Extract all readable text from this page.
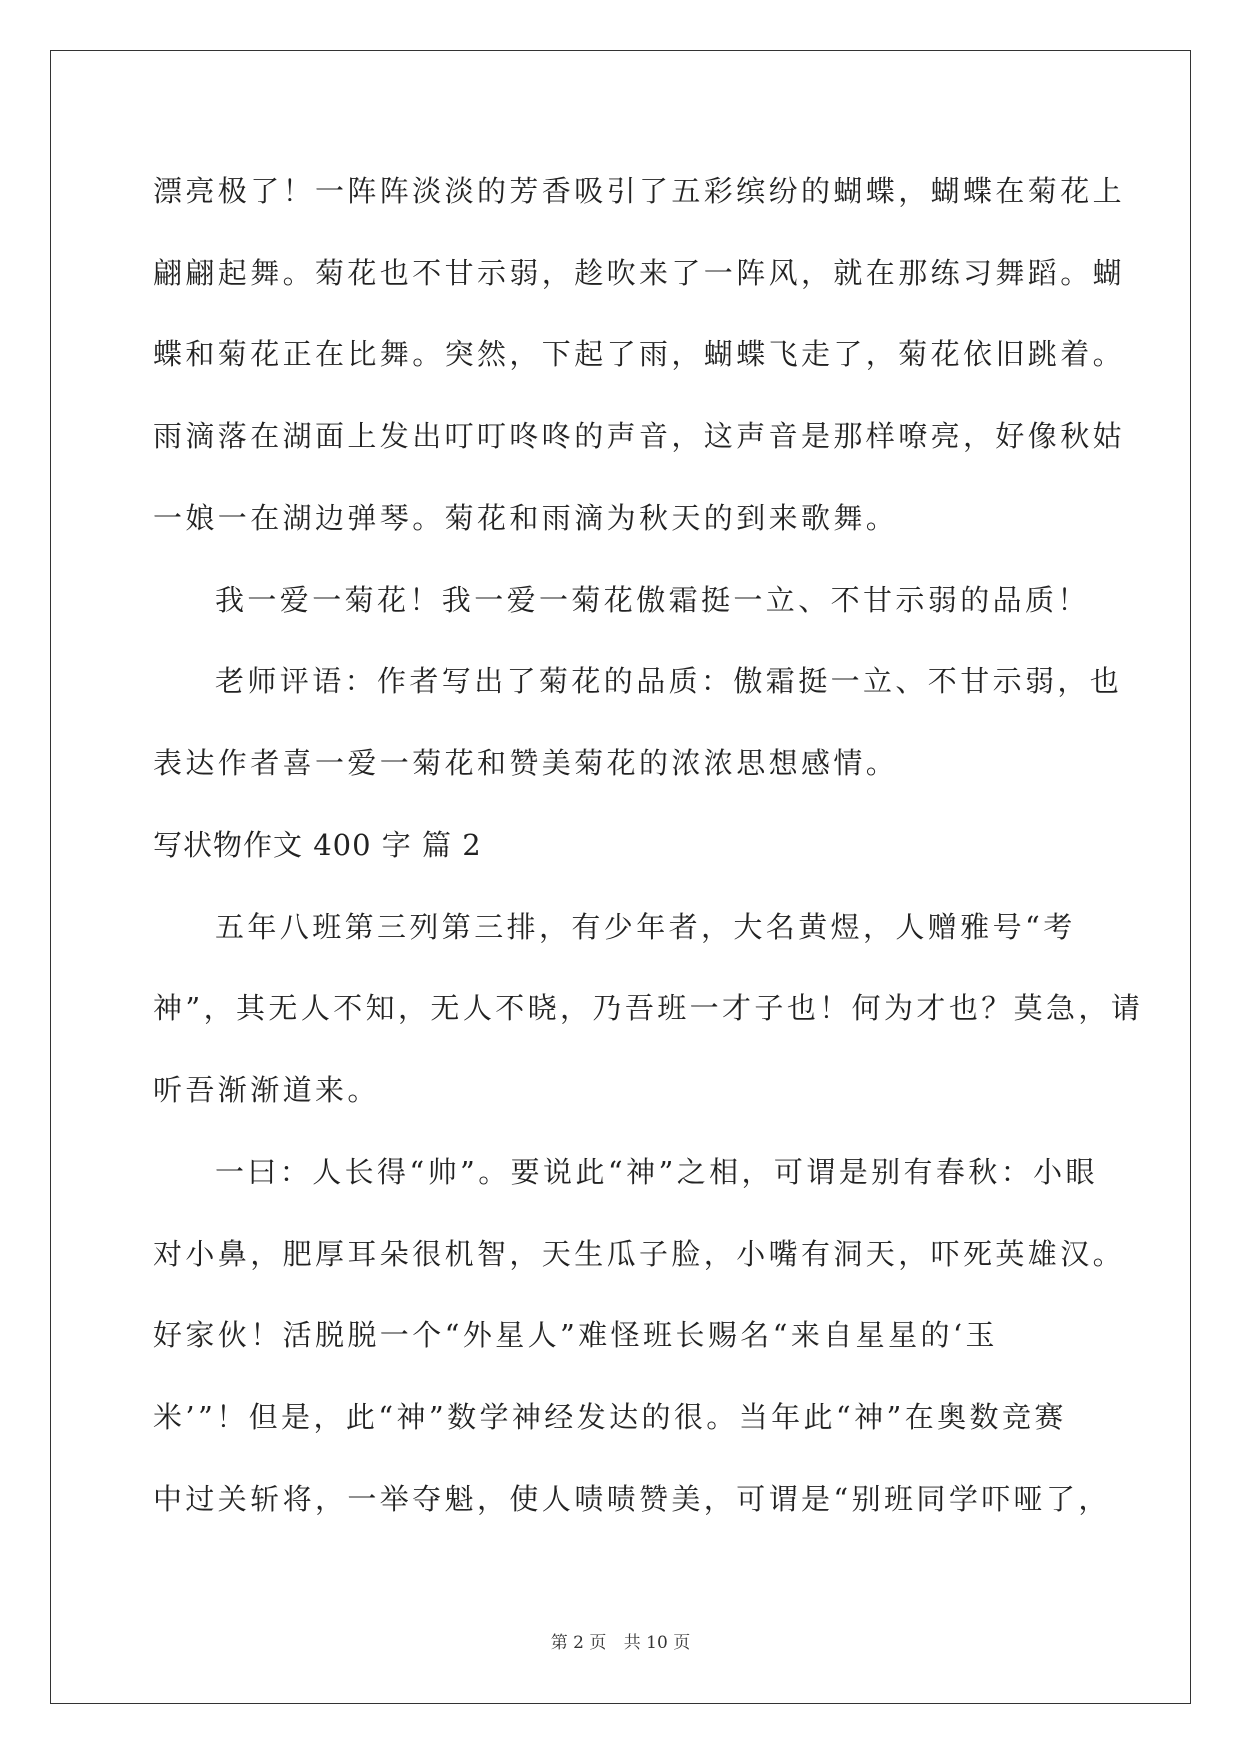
漂亮极了！一阵阵淡淡的芳香吸引了五彩缤纷的蝴蝶，蝴蝶在菊花上
翩翩起舞。菊花也不甘示弱，趁吹来了一阵风，就在那练习舞蹈。蝴
蝶和菊花正在比舞。突然，下起了雨，蝴蝶飞走了，菊花依旧跳着。
雨滴落在湖面上发出叮叮咚咚的声音，这声音是那样嘹亮，好像秋姑
一娘一在湖边弹琴。菊花和雨滴为秋天的到来歌舞。
我一爱一菊花！我一爱一菊花傲霜挺一立、不甘示弱的品质！
老师评语：作者写出了菊花的品质：傲霜挺一立、不甘示弱，也
表达作者喜一爱一菊花和赞美菊花的浓浓思想感情。
写状物作文 400 字 篇 2
五年八班第三列第三排，有少年者，大名黄煜，人赠雅号“考
神”，其无人不知，无人不晓，乃吾班一才子也！何为才也？莫急，请
听吾渐渐道来。
一曰：人长得“帅”。要说此“神”之相，可谓是别有春秋：小眼
对小鼻，肥厚耳朵很机智，天生瓜子脸，小嘴有洞天，吓死英雄汉。
好家伙！活脱脱一个“外星人”难怪班长赐名“来自星星的‘玉
米’”！但是，此“神”数学神经发达的很。当年此“神”在奥数竞赛
中过关斩将，一举夺魁，使人啧啧赞美，可谓是“别班同学吓哑了，
第 2 页 共 10 页
